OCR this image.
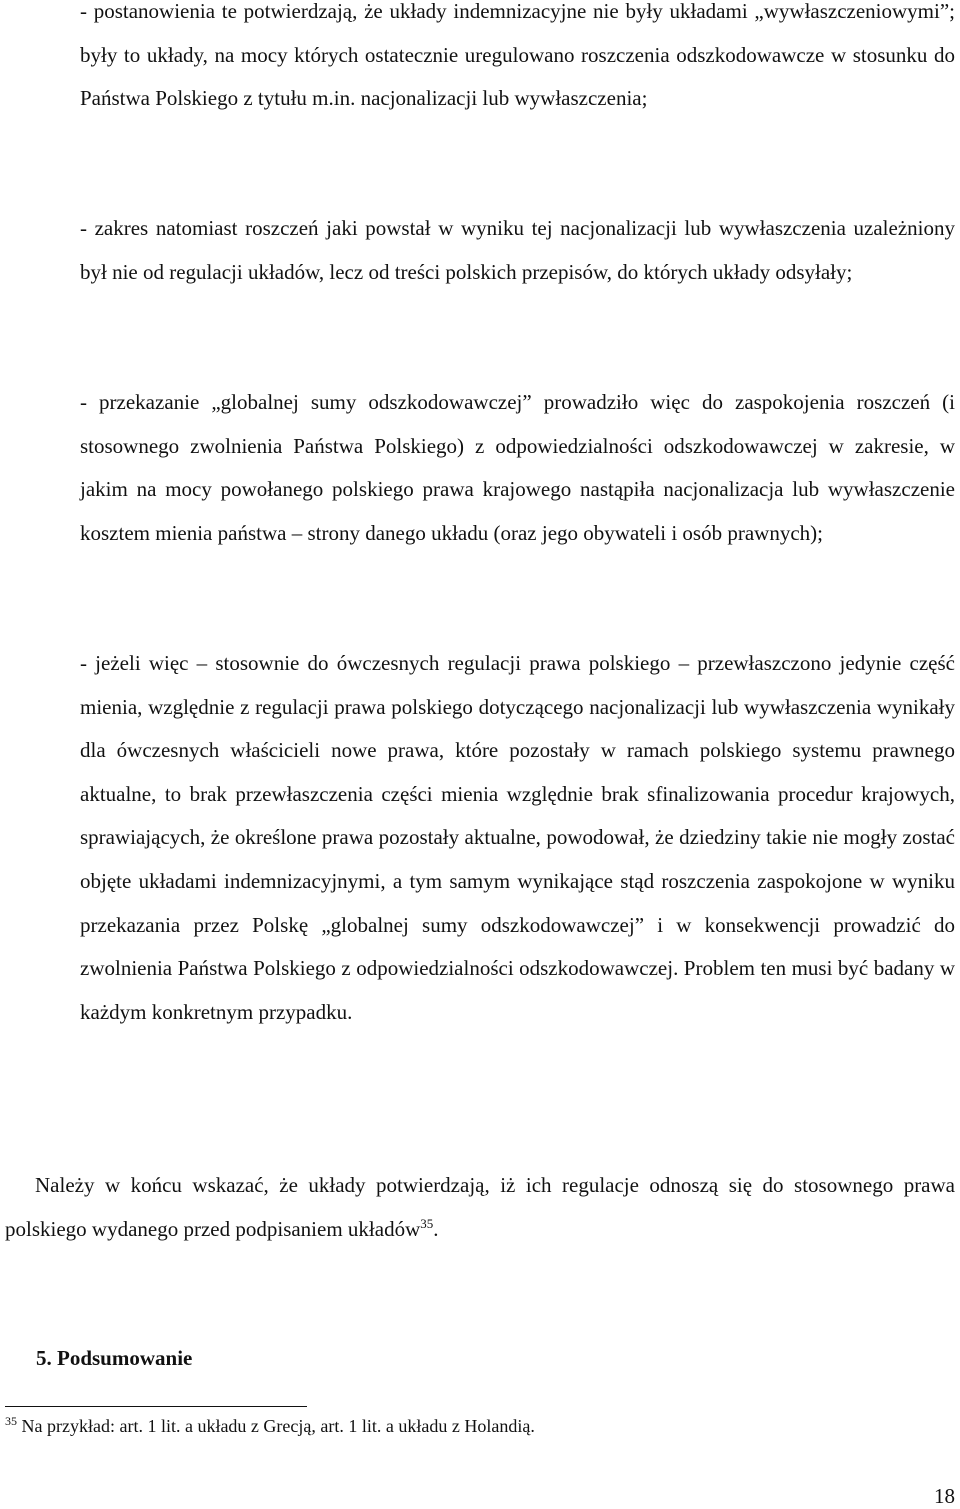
- postanowienia te potwierdzają, że układy indemnizacyjne nie były układami „wywłaszczeniowymi”; były to układy, na mocy których ostatecznie uregulowano roszczenia odszkodowawcze w stosunku do Państwa Polskiego z tytułu m.in. nacjonalizacji lub wywłaszczenia;
- zakres natomiast roszczeń jaki powstał w wyniku tej nacjonalizacji lub wywłaszczenia uzależniony był nie od regulacji układów, lecz od treści polskich przepisów, do których układy odsyłały;
- przekazanie „globalnej sumy odszkodowawczej” prowadziło więc do zaspokojenia roszczeń (i stosownego zwolnienia Państwa Polskiego) z odpowiedzialności odszkodowawczej w zakresie, w jakim na mocy powołanego polskiego prawa krajowego nastąpiła nacjonalizacja lub wywłaszczenie kosztem mienia państwa – strony danego układu (oraz jego obywateli i osób prawnych);
- jeżeli więc – stosownie do ówczesnych regulacji prawa polskiego – przewłaszczono jedynie część mienia, względnie z regulacji prawa polskiego dotyczącego nacjonalizacji lub wywłaszczenia wynikały dla ówczesnych właścicieli nowe prawa, które pozostały w ramach polskiego systemu prawnego aktualne, to brak przewłaszczenia części mienia względnie brak sfinalizowania procedur krajowych, sprawiających, że określone prawa pozostały aktualne, powodował, że dziedziny takie nie mogły zostać objęte układami indemnizacyjnymi, a tym samym wynikające stąd roszczenia zaspokojone w wyniku przekazania przez Polskę „globalnej sumy odszkodowawczej” i w konsekwencji prowadzić do zwolnienia Państwa Polskiego z odpowiedzialności odszkodowawczej. Problem ten musi być badany w każdym konkretnym przypadku.
Należy w końcu wskazać, że układy potwierdzają, iż ich regulacje odnoszą się do stosownego prawa polskiego wydanego przed podpisaniem układów$^{35}$.
5. Podsumowanie
$^{35}$ Na przykład: art. 1 lit. a układu z Grecją, art. 1 lit. a układu z Holandią.
18
